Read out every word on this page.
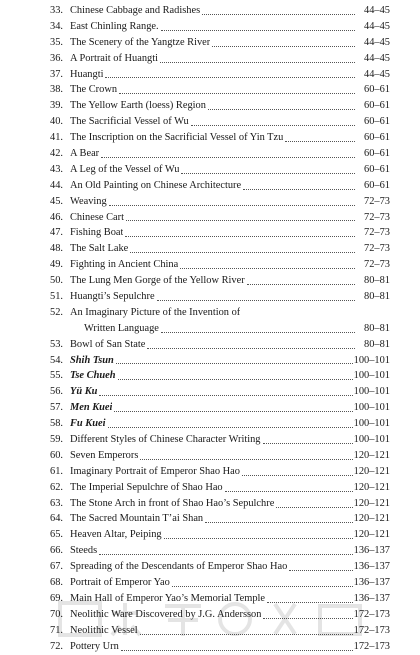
33. Chinese Cabbage and Radishes	44–45
34. East Chinling Range.	44–45
35. The Scenery of the Yangtze River	44–45
36. A Portrait of Huangti	44–45
37. Huangti	44–45
38. The Crown	60–61
39. The Yellow Earth (loess) Region	60–61
40. The Sacrificial Vessel of Wu	60–61
41. The Inscription on the Sacrificial Vessel of Yin Tzu	60–61
42. A Bear	60–61
43. A Leg of the Vessel of Wu	60–61
44. An Old Painting on Chinese Architecture	60–61
45. Weaving	72–73
46. Chinese Cart	72–73
47. Fishing Boat	72–73
48. The Salt Lake	72–73
49. Fighting in Ancient China	72–73
50. The Lung Men Gorge of the Yellow River	80–81
51. Huangti’s Sepulchre	80–81
52. An Imaginary Picture of the Invention of
Written Language	80–81
53. Bowl of San State	80–81
54. Shih Tsun	100–101
55. Tse Chueh	100–101
56. Yü Ku	100–101
57. Men Kuei	100–101
58. Fu Kuei	100–101
59. Different Styles of Chinese Character Writing	100–101
60. Seven Emperors	120–121
61. Imaginary Portrait of Emperor Shao Hao	120–121
62. The Imperial Sepulchre of Shao Hao	120–121
63. The Stone Arch in front of Shao Hao’s Sepulchre	120–121
64. The Sacred Mountain T’ai Shan	120–121
65. Heaven Altar, Peiping	120–121
66. Steeds	136–137
67. Spreading of the Descendants of Emperor Shao Hao	136–137
68. Portrait of Emperor Yao	136–137
69. Main Hall of Emperor Yao’s Memorial Temple	136–137
70. Neolithic Ware Discovered by J.G. Andersson	172–173
71. Neolithic Vessel	172–173
72. Pottery Urn	172–173
